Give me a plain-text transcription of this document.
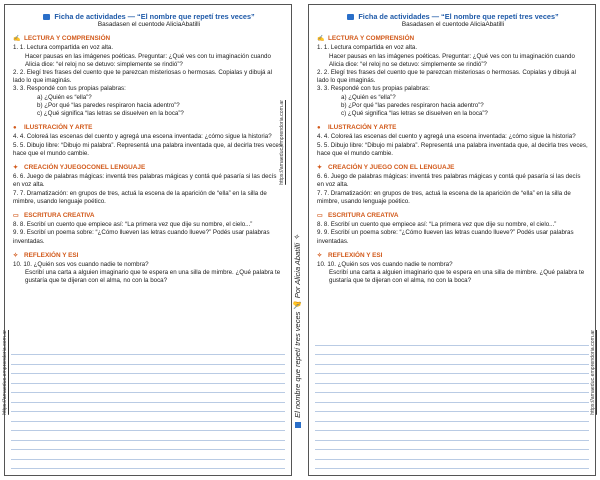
Ficha de actividades — “El nombre que repetí tres veces”
Basadasen el cuentode AliciaAbatilli
✍ LECTURA Y COMPRENSIÓN
1. 1. Lectura compartida en voz alta.
Hacer pausas en las imágenes poéticas. Preguntar: ¿Qué ves con tu imaginación cuando Alicia dice: “el reloj no se detuvo: simplemente se rindió”?
2. 2. Elegí tres frases del cuento que te parezcan misteriosas o hermosas. Copialas y dibujá al lado lo que imaginás.
3. 3. Respondé con tus propias palabras:
a) ¿Quién es “ella”?
b) ¿Por qué “las paredes respiraron hacia adentro”?
c) ¿Qué significa “las letras se disuelven en la boca”?
● ILUSTRACIÓN Y ARTE
4. 4. Coloreá las escenas del cuento y agregá una escena inventada: ¿cómo sigue la historia?
5. 5. Dibujo libre: “Dibujo mi palabra”. Representá una palabra inventada que, al decirla tres veces, hace que el mundo cambie.
✦ CREACIÓN YJUEGOCONEL LENGUAJE
6. 6. Juego de palabras mágicas: inventá tres palabras mágicas y contá qué pasaría si las decís en voz alta.
7. 7. Dramatización: en grupos de tres, actuá la escena de la aparición de “ella” en la silla de mimbre, usando lenguaje poético.
▭ ESCRITURA CREATIVA
8. 8. Escribí un cuento que empiece así: “La primera vez que dije su nombre, el cielo...”
9. 9. Escribí un poema sobre: “¿Cómo llueven las letras cuando llueve?” Podés usar palabras inventadas.
✧ REFLEXIÓN Y ESI
10. 10. ¿Quién sos vos cuando nadie te nombra?
Escribí una carta a alguien imaginario que te espera en una silla de mimbre. ¿Qué palabra te gustaría que te dijeran con el alma, no con la boca?
https://amaeduc.emprendoria.com.ar
https://amaeduc.emprendoria.com.ar
El nombre que repetí tres veces ✍ Por Alicia Abatilli ✧
Ficha de actividades — “El nombre que repetí tres veces”
Basadasen el cuentode AliciaAbatilli
✍ LECTURA Y COMPRENSIÓN
1. 1. Lectura compartida en voz alta.
Hacer pausas en las imágenes poéticas. Preguntar: ¿Qué ves con tu imaginación cuando Alicia dice: “el reloj no se detuvo: simplemente se rindió”?
2. 2. Elegí tres frases del cuento que te parezcan misteriosas o hermosas. Copialas y dibujá al lado lo que imaginás.
3. 3. Respondé con tus propias palabras:
a) ¿Quién es “ella”?
b) ¿Por qué “las paredes respiraron hacia adentro”?
c) ¿Qué significa “las letras se disuelven en la boca”?
● ILUSTRACIÓN Y ARTE
4. 4. Coloreá las escenas del cuento y agregá una escena inventada: ¿cómo sigue la historia?
5. 5. Dibujo libre: “Dibujo mi palabra”. Representá una palabra inventada que, al decirla tres veces, hace que el mundo cambie.
✦ CREACIÓN Y JUEGO CON EL LENGUAJE
6. 6. Juego de palabras mágicas: inventá tres palabras mágicas y contá qué pasaría si las decís en voz alta.
7. 7. Dramatización: en grupos de tres, actuá la escena de la aparición de “ella” en la silla de mimbre, usando lenguaje poético.
▭ ESCRITURA CREATIVA
8. 8. Escribí un cuento que empiece así: “La primera vez que dije su nombre, el cielo...”
9. 9. Escribí un poema sobre: “¿Cómo llueven las letras cuando llueve?” Podés usar palabras inventadas.
✧ REFLEXIÓN Y ESI
10. 10. ¿Quién sos vos cuando nadie te nombra?
Escribí una carta a alguien imaginario que te espera en una silla de mimbre. ¿Qué palabra te gustaría que te dijeran con el alma, no con la boca?
https://amaeduc.emprendoria.com.ar
